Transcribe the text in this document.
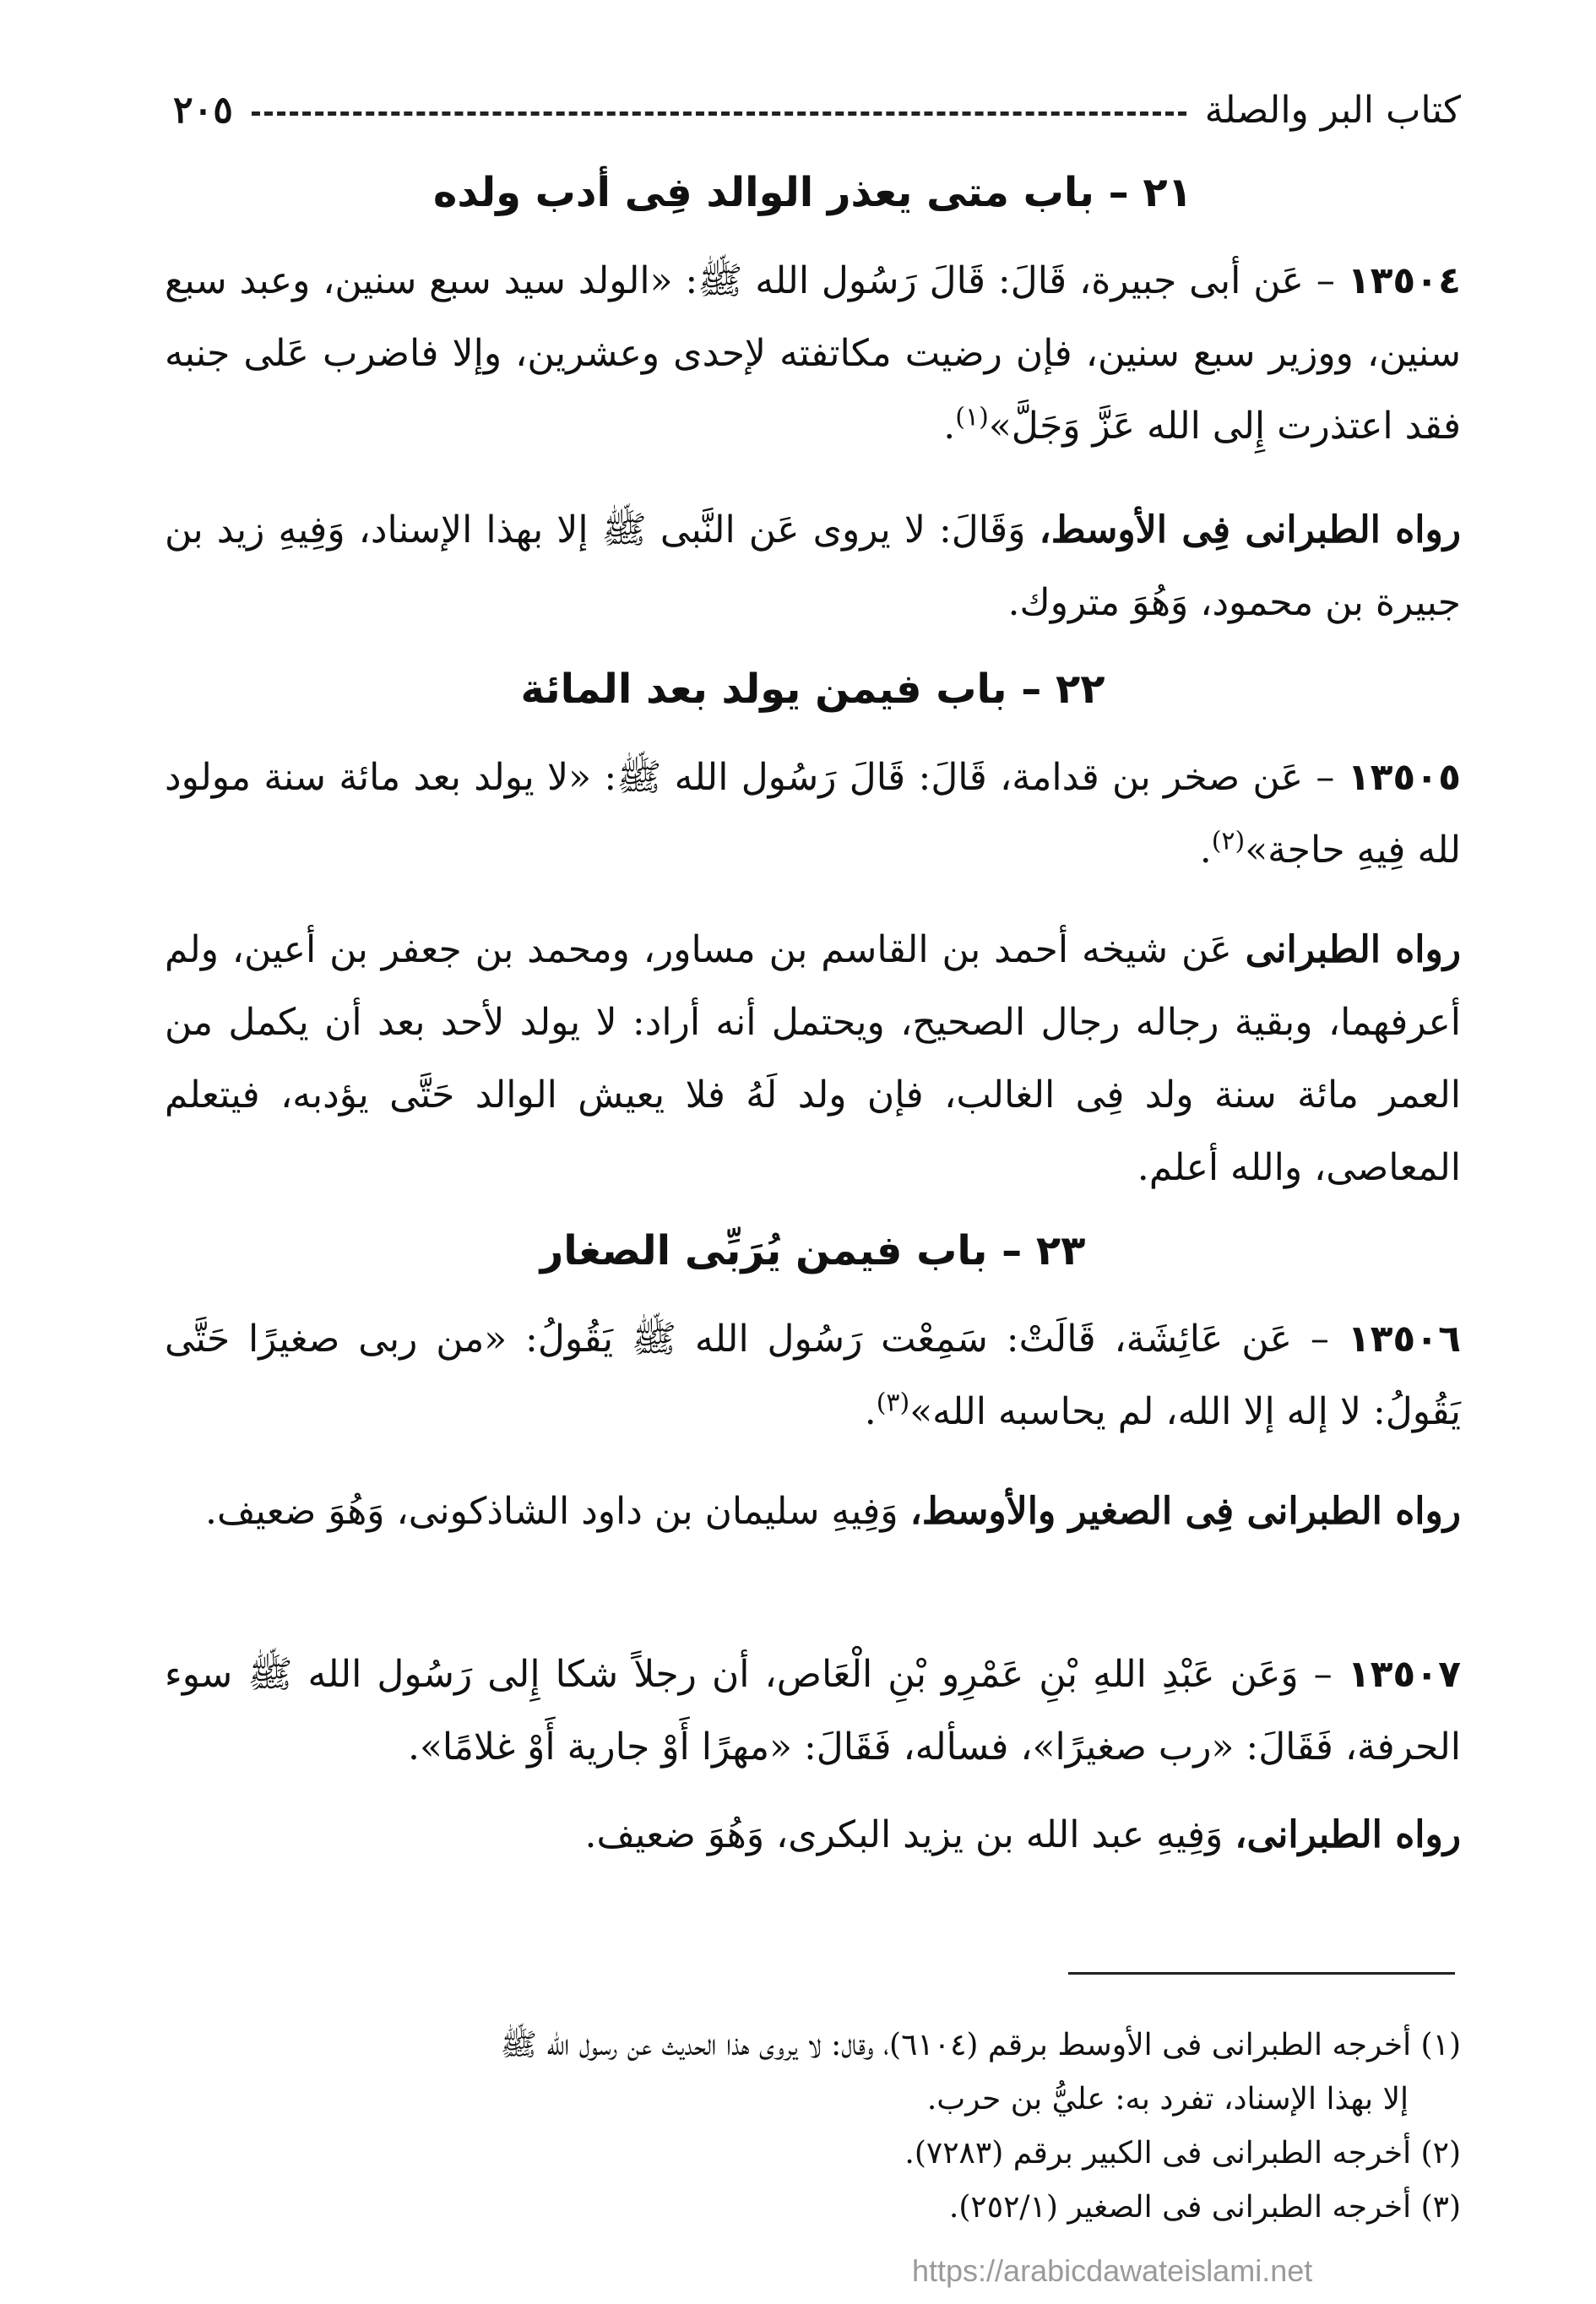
كتاب البر والصلة
٢٠٥
٢١ – باب متى يعذر الوالد فِى أدب ولده
١٣٥٠٤ – عَن أبى جبيرة، قَالَ: قَالَ رَسُول الله ﷺ: «الولد سيد سبع سنين، وعبد سبع سنين، ووزير سبع سنين، فإن رضيت مكاتفته لإحدى وعشرين، وإلا فاضرب عَلى جنبه فقد اعتذرت إِلى الله عَزَّ وَجَلَّ»$^{(١)}$.
رواه الطبرانى فِى الأوسط، وَقَالَ: لا يروى عَن النَّبى ﷺ إلا بهذا الإسناد، وَفِيهِ زيد بن جبيرة بن محمود، وَهُوَ متروك.
٢٢ – باب فيمن يولد بعد المائة
١٣٥٠٥ – عَن صخر بن قدامة، قَالَ: قَالَ رَسُول الله ﷺ: «لا يولد بعد مائة سنة مولود لله فِيهِ حاجة»$^{(٢)}$.
رواه الطبرانى عَن شيخه أحمد بن القاسم بن مساور، ومحمد بن جعفر بن أعين، ولم أعرفهما، وبقية رجاله رجال الصحيح، ويحتمل أنه أراد: لا يولد لأحد بعد أن يكمل من العمر مائة سنة ولد فِى الغالب، فإن ولد لَهُ فلا يعيش الوالد حَتَّى يؤدبه، فيتعلم المعاصى، والله أعلم.
٢٣ – باب فيمن يُرَبِّى الصغار
١٣٥٠٦ – عَن عَائِشَة، قَالَتْ: سَمِعْت رَسُول الله ﷺ يَقُولُ: «من ربى صغيرًا حَتَّى يَقُولُ: لا إله إلا الله، لم يحاسبه الله»$^{(٣)}$.
رواه الطبرانى فِى الصغير والأوسط، وَفِيهِ سليمان بن داود الشاذكونى، وَهُوَ ضعيف.
١٣٥٠٧ – وَعَن عَبْدِ اللهِ بْنِ عَمْرِو بْنِ الْعَاص، أن رجلاً شكا إِلى رَسُول الله ﷺ سوء الحرفة، فَقَالَ: «رب صغيرًا»، فسأله، فَقَالَ: «مهرًا أَوْ جارية أَوْ غلامًا».
رواه الطبرانى، وَفِيهِ عبد الله بن يزيد البكرى، وَهُوَ ضعيف.

(١) أخرجه الطبرانى فى الأوسط برقم (٦١٠٤)، وقال: لا يروى هذا الحديث عن رسول الله ﷺ

إلا بهذا الإسناد، تفرد به: عليُّ بن حرب.

(٢) أخرجه الطبرانى فى الكبير برقم (٧٢٨٣).

(٣) أخرجه الطبرانى فى الصغير (٢٥٢/١).

https://arabicdawateislami.net
